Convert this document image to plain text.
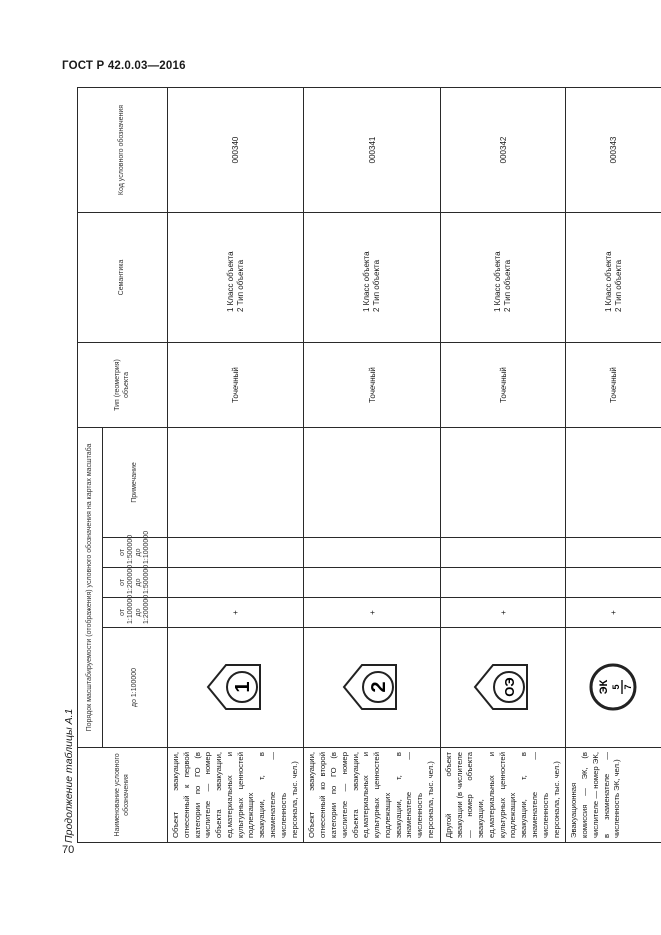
ГОСТ Р 42.0.03—2016
Продолжение таблицы А.1	Наименование условного обозначения	Порядок масштабируемости (отображения) условного обозначения на картах масштаба					Тип (геометрия) объекта	Семантика	Код условного обозначения
	до 1:100000	от 1:100000 до 1:200000	от 1:200000 до 1:500000	от 1:500000 до 1:1000000	Примечание			
Объект эвакуации, отнесенный к первой категории по ГО (в числителе — номер объекта эвакуации, ед.материальных и культурных ценностей подлежащих эвакуации, т, в знаменателе — численность персонала, тыс. чел.)	1	+				Точечный	1 Класс объекта
2 Тип объекта	000340
Объект эвакуации, отнесенный ко второй категории по ГО (в числителе — номер объекта эвакуации, ед.материальных и культурных ценностей подлежащих эвакуации, т, в знаменателе — численность персонала, тыс. чел.)	2	+				Точечный	1 Класс объекта
2 Тип объекта	000341
Другой объект эвакуации (в числителе — номер объекта эвакуации, ед.материальных и культурных ценностей подлежащих эвакуации, т, в знаменателе — численность персонала, тыс. чел.)	ОЭ	+				Точечный	1 Класс объекта
2 Тип объекта	000342
Эвакуационная комиссия — ЭК, (в числителе — номер ЭК, в знаменателе — численность ЭК, чел.)	ЭК 5 7	+				Точечный	1 Класс объекта
2 Тип объекта	000343
70
